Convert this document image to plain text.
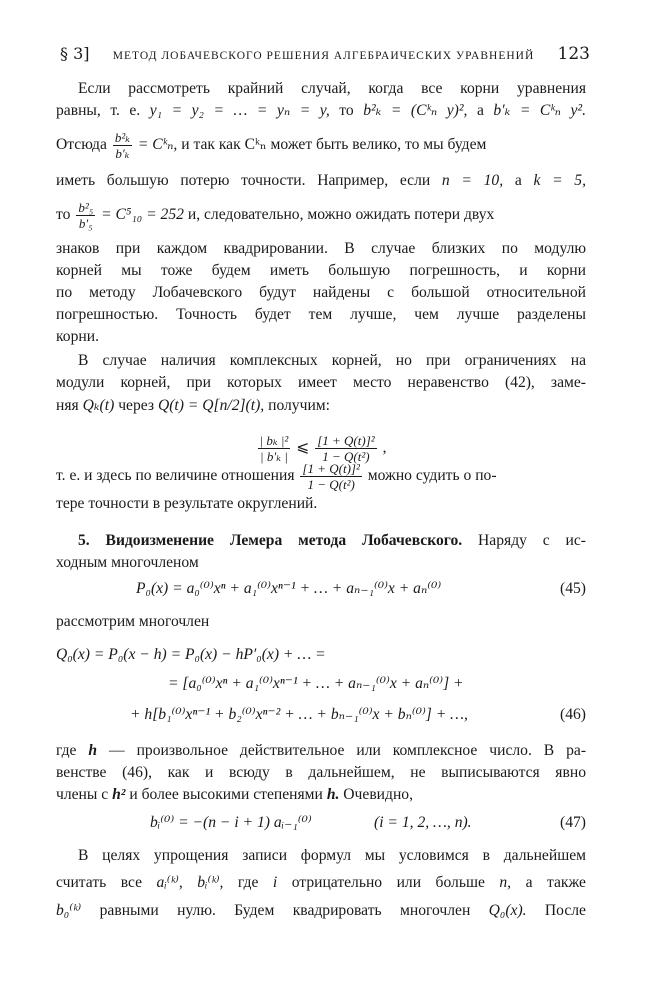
§ 3] МЕТОД ЛОБАЧЕВСКОГО РЕШЕНИЯ АЛГЕБРАИЧЕСКИХ УРАВНЕНИЙ 123
Если рассмотреть крайний случай, когда все корни уравнения
равны, т. е. y₁ = y₂ = … = yₙ = y, то b²ₖ = (Cᵏₙ y)², а b′ₖ = Cᵏₙ y².
Отсюда $\frac{\text{b²ₖ}}{\text{b′ₖ}}$ = Cᵏₙ, и так как Cᵏₙ может быть велико, то мы будем
иметь большую потерю точности. Например, если n = 10, а k = 5,
то $\frac{\text{b²₅}}{\text{b′₅}} = C^5_{10} = 252$ и, следовательно, можно ожидать потери двух
знаков при каждом квадрировании. В случае близких по модулю
корней мы тоже будем иметь большую погрешность, и корни
по методу Лобачевского будут найдены с большой относительной
погрешностью. Точность будет тем лучше, чем лучше разделены
корни.
В случае наличия комплексных корней, но при ограничениях на
модули корней, при которых имеет место неравенство (42), заме-
няя Qₖ(t) через Q(t) = Q[n/2](t), получим:
$\frac{\text{| bₖ |²}}{\text{| b′ₖ |}}$ ⩽ $\frac{\text{[1 + Q(t)]²}}{\text{1 − Q(t²)}}$ ,
т. е. и здесь по величине отношения $\frac{\text{[1 + Q(t)]²}}{\text{1 − Q(t²)}}$ можно судить о по-
тере точности в результате округлений.
5. Видоизменение Лемера метода Лобачевского. Наряду с ис-
ходным многочленом
P₀(x) = a₀⁽⁰⁾xⁿ + a₁⁽⁰⁾xⁿ⁻¹ + … + aₙ₋₁⁽⁰⁾x + aₙ⁽⁰⁾	(45)
рассмотрим многочлен
Q₀(x) = P₀(x − h) = P₀(x) − hP′₀(x) + … =
= [a₀⁽⁰⁾xⁿ + a₁⁽⁰⁾xⁿ⁻¹ + … + aₙ₋₁⁽⁰⁾x + aₙ⁽⁰⁾] +
+ h[b₁⁽⁰⁾xⁿ⁻¹ + b₂⁽⁰⁾xⁿ⁻² + … + bₙ₋₁⁽⁰⁾x + bₙ⁽⁰⁾] + …,	(46)
где h — произвольное действительное или комплексное число. В ра-
венстве (46), как и всюду в дальнейшем, не выписываются явно
члены с h² и более высокими степенями h. Очевидно,
bᵢ⁽⁰⁾ = −(n − i + 1) aᵢ₋₁⁽⁰⁾	(i = 1, 2, …, n).	(47)
В целях упрощения записи формул мы условимся в дальнейшем
считать все aᵢ⁽ᵏ⁾, bᵢ⁽ᵏ⁾, где i отрицательно или больше n, а также
b₀⁽ᵏ⁾ равными нулю. Будем квадрировать многочлен Q₀(x). После
